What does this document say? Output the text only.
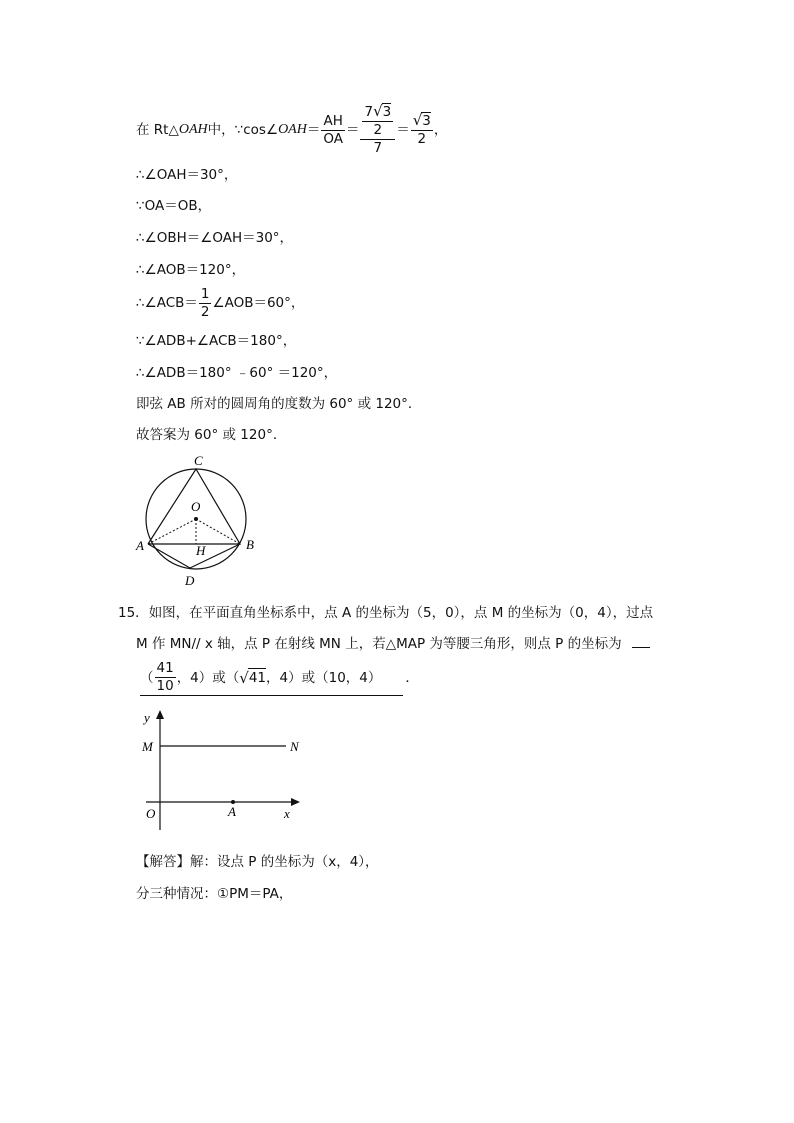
在 Rt△ OAH 中，∵cos∠ OAH ＝ $\frac{AH}{OA} = \frac{\frac{7√3}{2}}{7} = \frac{√3}{2}$ ，
∴∠OAH＝30°，
∵OA＝OB，
∴∠OBH＝∠OAH＝30°，
∴∠AOB＝120°，
∴∠ACB＝ $\frac{1}{2}$ ∠AOB＝60°，
∵∠ADB+∠ACB＝180°，
∴∠ADB＝180° ﹣60° ＝120°，
即弦 AB 所对的圆周角的度数为 60° 或 120°．
故答案为 60° 或 120°．
C
O
A	H	B
D
15．如图，在平面直角坐标系中，点 A 的坐标为（5，0），点 M 的坐标为（0，4），过点
M 作 MN// x 轴，点 P 在射线 MN 上，若△MAP 为等腰三角形，则点 P 的坐标为
（ $\frac{41}{10}$ ，4）或（ √ 41 ，4）或（10，4） ．
y
M	N
O	A	x
【解答】解：设点 P 的坐标为（x，4），
分三种情况：①PM＝PA，
